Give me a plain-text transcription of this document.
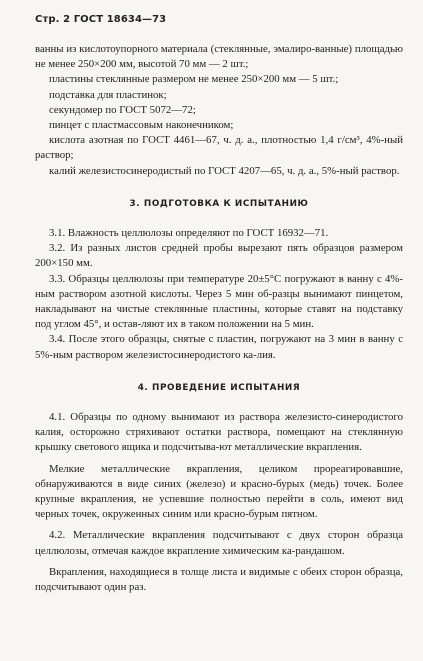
Стр. 2 ГОСТ 18634—73

ванны из кислотоупорного материала (стеклянные, эмалиро-ванные) площадью не менее 250×200 мм, высотой 70 мм — 2 шт.;

пластины стеклянные размером не менее 250×200 мм — 5 шт.;

подставка для пластинок;

секундомер по ГОСТ 5072—72;

пинцет с пластмассовым наконечником;

кислота азотная по ГОСТ 4461—67, ч. д. а., плотностью 1,4 г/см³, 4%-ный раствор;

калий железистосинеродистый по ГОСТ 4207—65, ч. д. а., 5%-ный раствор.

3. ПОДГОТОВКА К ИСПЫТАНИЮ

3.1. Влажность целлюлозы определяют по ГОСТ 16932—71.

3.2. Из разных листов средней пробы вырезают пять образцов размером 200×150 мм.

3.3. Образцы целлюлозы при температуре 20±5°С погружают в ванну с 4%-ным раствором азотной кислоты. Через 5 мин об-разцы вынимают пинцетом, накладывают на чистые стеклянные пластины, которые ставят на подставку под углом 45°, и остав-ляют их в таком положении на 5 мин.

3.4. После этого образцы, снятые с пластин, погружают на 3 мин в ванну с 5%-ным раствором железистосинеродистого ка-лия.

4. ПРОВЕДЕНИЕ ИСПЫТАНИЯ

4.1. Образцы по одному вынимают из раствора железисто-синеродистого калия, осторожно стряхивают остатки раствора, помещают на стеклянную крышку светового ящика и подсчитыва-ют металлические вкрапления.

Мелкие металлические вкрапления, целиком прореагировавшие, обнаруживаются в виде синих (железо) и красно-бурых (медь) точек. Более крупные вкрапления, не успевшие полностью перейти в соль, имеют вид черных точек, окруженных синим или красно-бурым пятном.

4.2. Металлические вкрапления подсчитывают с двух сторон образца целлюлозы, отмечая каждое вкрапление химическим ка-рандашом.

Вкрапления, находящиеся в толще листа и видимые с обеих сторон образца, подсчитывают один раз.
